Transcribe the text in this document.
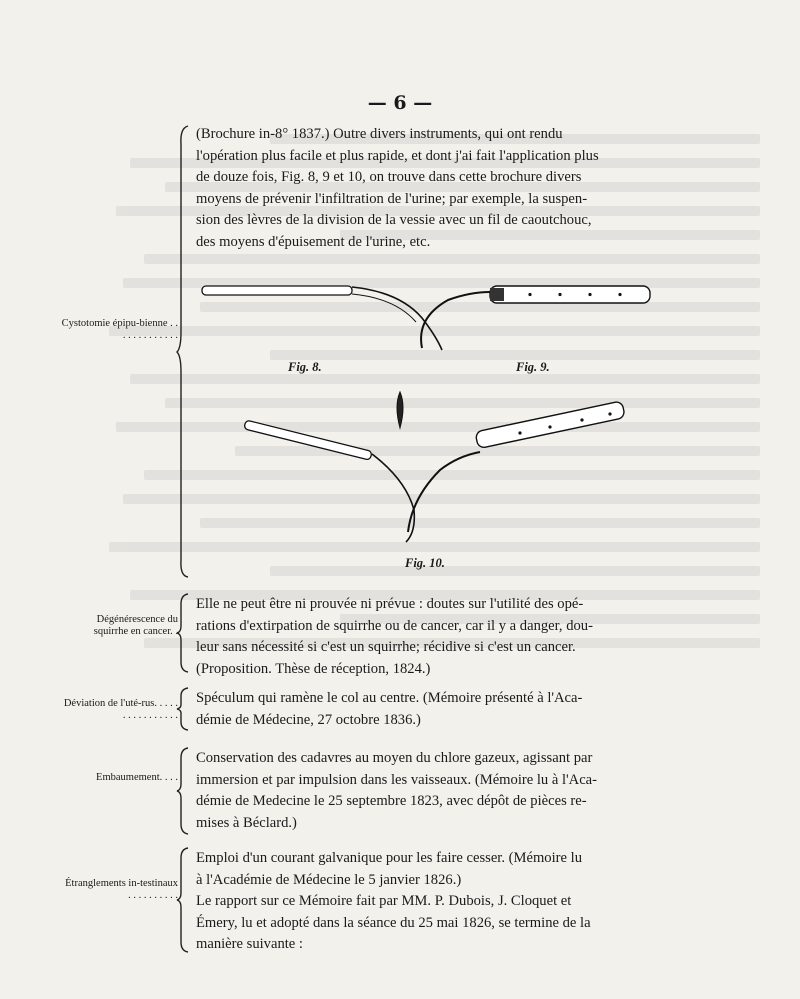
— 6 —
Cystotomie épipu-bienne . . . . . . . . . . . . .
(Brochure in-8° 1837.) Outre divers instruments, qui ont rendu
l'opération plus facile et plus rapide, et dont j'ai fait l'application plus
de douze fois, Fig. 8, 9 et 10, on trouve dans cette brochure divers
moyens de prévenir l'infiltration de l'urine; par exemple, la suspen-
sion des lèvres de la division de la vessie avec un fil de caoutchouc,
des moyens d'épuisement de l'urine, etc.
Fig. 8.	Fig. 9.
Fig. 10.
Dégénérescence du squirrhe en cancer. .
Elle ne peut être ni prouvée ni prévue : doutes sur l'utilité des opé-
rations d'extirpation de squirrhe ou de cancer, car il y a danger, dou-
leur sans nécessité si c'est un squirrhe; récidive si c'est un cancer.
(Proposition. Thèse de réception, 1824.)
Déviation de l'uté-rus. . . . . . . . . . . . . . . .
Spéculum qui ramène le col au centre. (Mémoire présenté à l'Aca-
démie de Médecine, 27 octobre 1836.)
Embaumement. . . .
Conservation des cadavres au moyen du chlore gazeux, agissant par
immersion et par impulsion dans les vaisseaux. (Mémoire lu à l'Aca-
démie de Medecine le 25 septembre 1823, avec dépôt de pièces re-
mises à Béclard.)
Étranglements in-testinaux . . . . . . . . . .
Emploi d'un courant galvanique pour les faire cesser. (Mémoire lu
à l'Académie de Médecine le 5 janvier 1826.)
Le rapport sur ce Mémoire fait par MM. P. Dubois, J. Cloquet et
Émery, lu et adopté dans la séance du 25 mai 1826, se termine de la
manière suivante :
